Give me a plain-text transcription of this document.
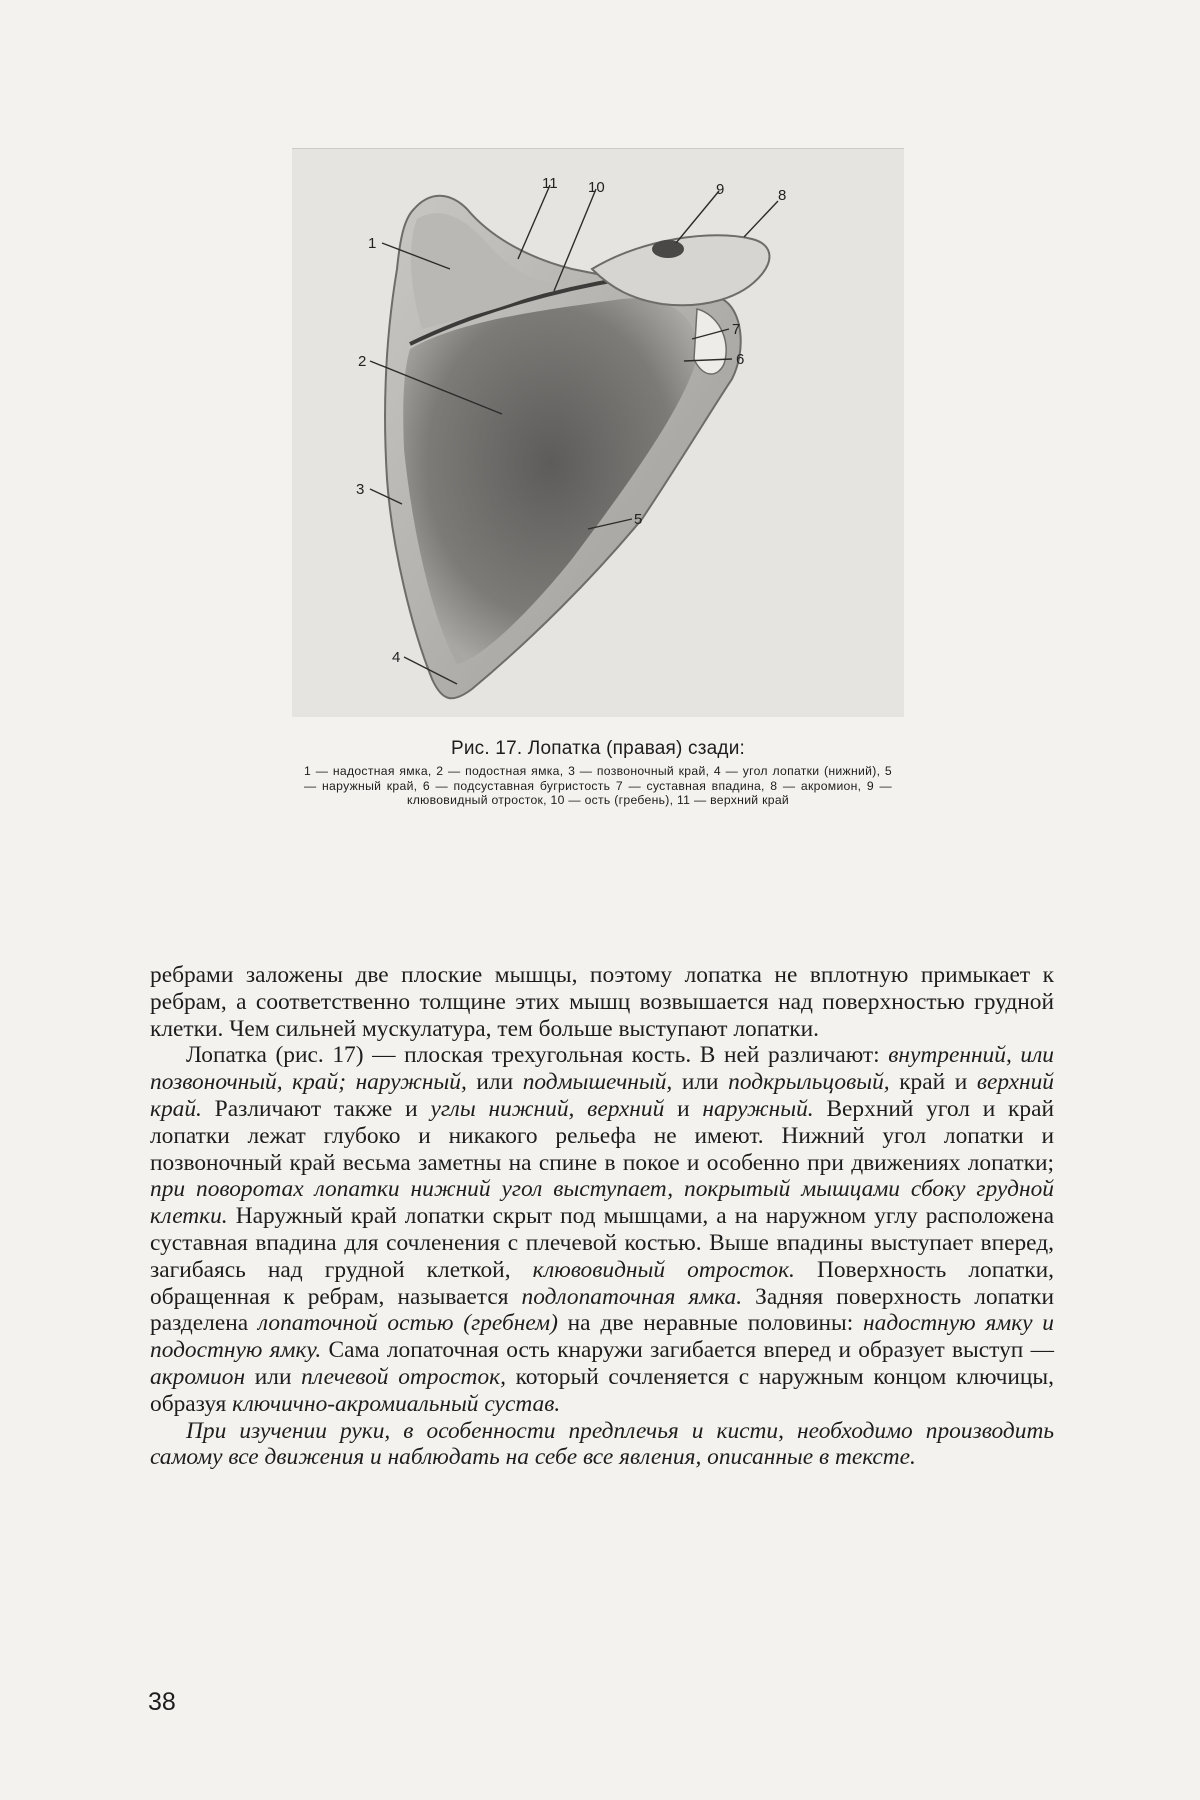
1
2
3
4
5
6
7
8
9
10
11
Рис. 17. Лопатка (правая) сзади:
1 — надостная ямка, 2 — подостная ямка, 3 — позвоночный край, 4 — угол лопатки (нижний), 5 — наружный край, 6 — подсуставная бугристость 7 — суставная впадина, 8 — акромион, 9 — клювовидный отросток, 10 — ость (гребень), 11 — верхний край

ребрами заложены две плоские мышцы, поэтому лопатка не вплотную примыкает к ребрам, а соответственно толщине этих мышц возвышается над поверхностью грудной клетки. Чем сильней мускулатура, тем больше выступают лопатки.

Лопатка (рис. 17) — плоская трехугольная кость. В ней различают: внутренний, или позвоночный, край; наружный, или подмышечный, или подкрыльцовый, край и верхний край. Различают также и углы нижний, верхний и наружный. Верхний угол и край лопатки лежат глубоко и никакого рельефа не имеют. Нижний угол лопатки и позвоночный край весьма заметны на спине в покое и особенно при движениях лопатки; при поворотах лопатки нижний угол выступает, покрытый мышцами сбоку грудной клетки. Наружный край лопатки скрыт под мышцами, а на наружном углу расположена суставная впадина для сочленения с плечевой костью. Выше впадины выступает вперед, загибаясь над грудной клеткой, клювовидный отросток. Поверхность лопатки, обращенная к ребрам, называется подлопаточная ямка. Задняя поверхность лопатки разделена лопаточной остью (гребнем) на две неравные половины: надостную ямку и подостную ямку. Сама лопаточная ость кнаружи загибается вперед и образует выступ — акромион или плечевой отросток, который сочленяется с наружным концом ключицы, образуя ключично-акромиальный сустав.

При изучении руки, в особенности предплечья и кисти, необходимо производить самому все движения и наблюдать на себе все явления, описанные в тексте.

38
